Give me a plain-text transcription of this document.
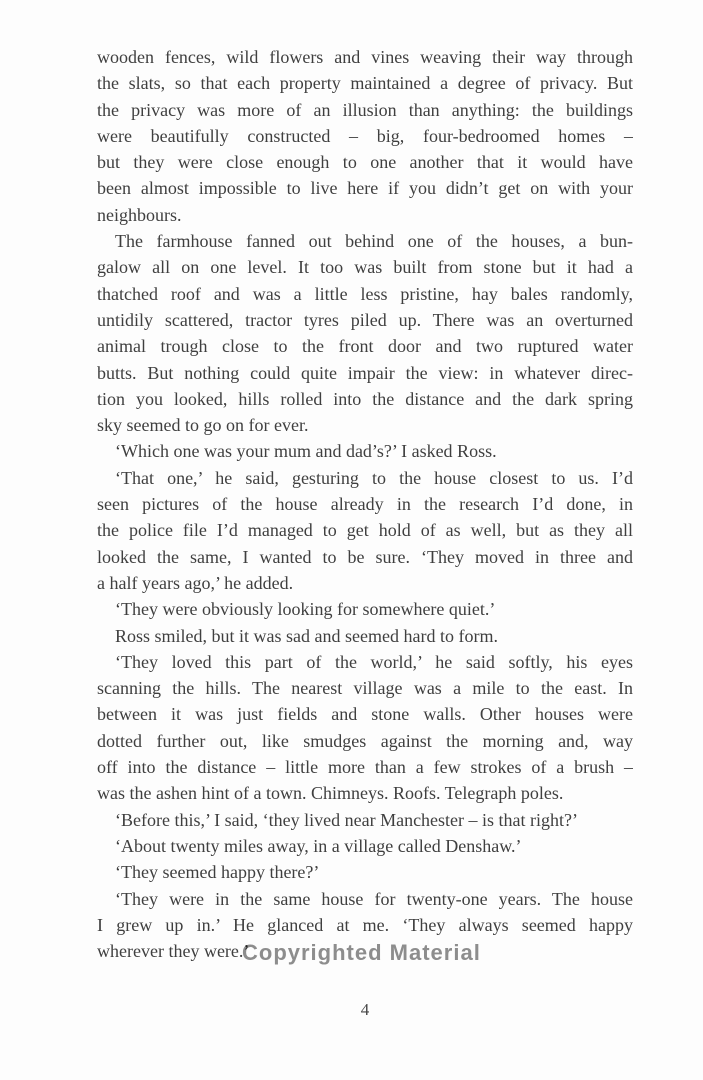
wooden fences, wild flowers and vines weaving their way through
the slats, so that each property maintained a degree of privacy. But
the privacy was more of an illusion than anything: the buildings
were beautifully constructed – big, four-bedroomed homes –
but they were close enough to one another that it would have
been almost impossible to live here if you didn’t get on with your
neighbours.
The farmhouse fanned out behind one of the houses, a bun-
galow all on one level. It too was built from stone but it had a
thatched roof and was a little less pristine, hay bales randomly,
untidily scattered, tractor tyres piled up. There was an overturned
animal trough close to the front door and two ruptured water
butts. But nothing could quite impair the view: in whatever direc-
tion you looked, hills rolled into the distance and the dark spring
sky seemed to go on for ever.
‘Which one was your mum and dad’s?’ I asked Ross.
‘That one,’ he said, gesturing to the house closest to us. I’d
seen pictures of the house already in the research I’d done, in
the police file I’d managed to get hold of as well, but as they all
looked the same, I wanted to be sure. ‘They moved in three and
a half years ago,’ he added.
‘They were obviously looking for somewhere quiet.’
Ross smiled, but it was sad and seemed hard to form.
‘They loved this part of the world,’ he said softly, his eyes
scanning the hills. The nearest village was a mile to the east. In
between it was just fields and stone walls. Other houses were
dotted further out, like smudges against the morning and, way
off into the distance – little more than a few strokes of a brush –
was the ashen hint of a town. Chimneys. Roofs. Telegraph poles.
‘Before this,’ I said, ‘they lived near Manchester – is that right?’
‘About twenty miles away, in a village called Denshaw.’
‘They seemed happy there?’
‘They were in the same house for twenty-one years. The house
I grew up in.’ He glanced at me. ‘They always seemed happy
wherever they were.’
Copyrighted Material
4
